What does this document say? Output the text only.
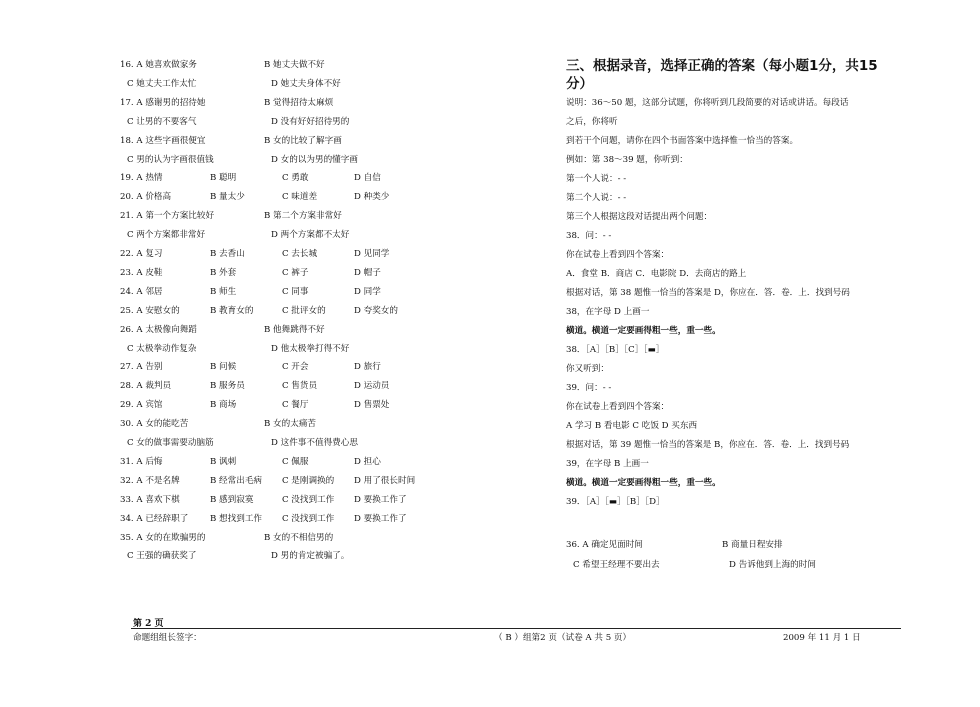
16. A 她喜欢做家务	B 她丈夫做不好
C 她丈夫工作太忙	D 她丈夫身体不好
17. A 感谢男的招待她	B 觉得招待太麻烦
C 让男的不要客气	D 没有好好招待男的
18. A 这些字画很便宜	B 女的比较了解字画
C 男的认为字画很值钱	D 女的以为男的懂字画
19. A 热情	B 聪明	C 勇敢	D 自信
20. A 价格高	B 量太少	C 味道差	D 种类少
21. A 第一个方案比较好	B 第二个方案非常好
C 两个方案都非常好	D 两个方案都不太好
22. A 复习	B 去香山	C 去长城	D 见同学
23. A 皮鞋	B 外套	C 裤子	D 帽子
24. A 邻居	B 师生	C 同事	D 同学
25. A 安慰女的	B 教育女的	C 批评女的	D 夸奖女的
26. A 太极像向舞蹈	B 他舞跳得不好
C 太极拳动作复杂	D 他太极拳打得不好
27. A 告别	B 问候	C 开会	D 旅行
28. A 裁判员	B 服务员	C 售货员	D 运动员
29. A 宾馆	B 商场	C 餐厅	D 售票处
30. A 女的能吃苦	B 女的太痛苦
C 女的做事需要动脑筋	D 这件事不值得费心思
31. A 后悔	B 讽刺	C 佩服	D 担心
32. A 不是名牌	B 经常出毛病 C 是刚调换的 D 用了很长时间
33. A 喜欢下棋	B 感到寂寞	C 没找到工作 D 要换工作了
34. A 已经辞职了	B 想找到工作 C 没找到工作 D 要换工作了
35. A 女的在欺骗男的	B 女的不相信男的
C 王强的确获奖了	D 男的肯定被骗了。
三、根据录音，选择正确的答案（每小题1分，共15分）
说明：36～50 题，这部分试题，你将听到几段简要的对话或讲话。每段话
之后，你将听
到若干个问题，请你在四个书面答案中选择惟一恰当的答案。
例如：第 38～39 题，你听到：
第一个人说：- -
第二个人说：- -
第三个人根据这段对话提出两个问题：
38．问：- -
你在试卷上看到四个答案：
A．食堂 B．商店 C．电影院 D．去商店的路上
根据对话，第 38 题惟一恰当的答案是 D，你应在．答．卷．上．找到号码
38，在字母 D 上画一
横道。横道一定要画得粗一些，重一些。
38．［A］［B］［C］［▬］
你又听到：
39．问：- -
你在试卷上看到四个答案：
A 学习 B 看电影 C 吃饭 D 买东西
根据对话，第 39 题惟一恰当的答案是 B，你应在．答．卷．上．找到号码
39，在字母 B 上画一
横道。横道一定要画得粗一些，重一些。
39．［A］［▬］［B］［D］
36. A 确定见面时间	B 商量日程安排
C 希望王经理不要出去	D 告诉他到上海的时间
第 2 页
命题组组长签字：	（ B ）组第2 页（试卷 A 共 5 页）	2009 年 11 月 1 日
